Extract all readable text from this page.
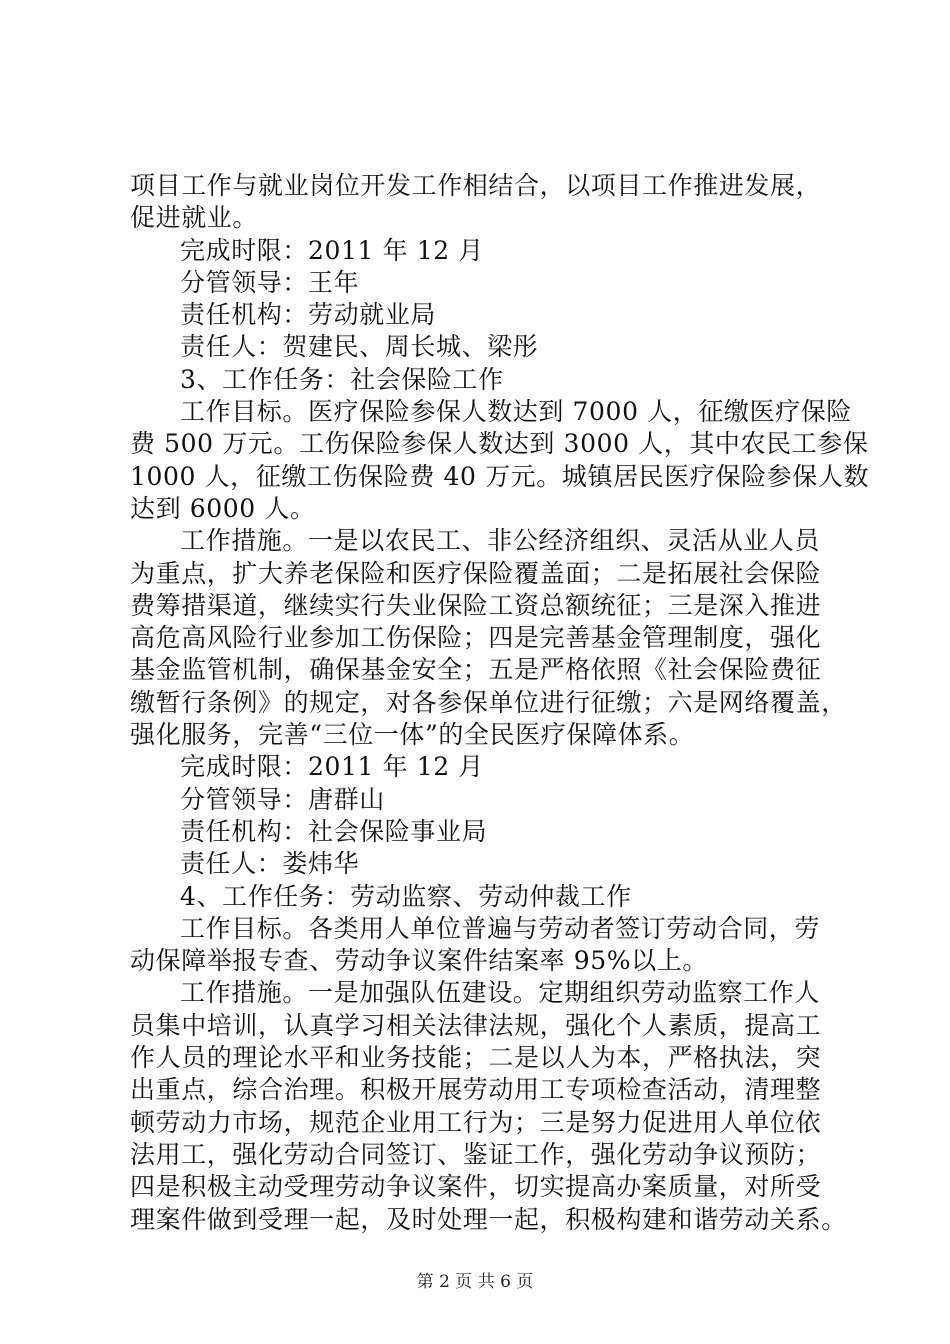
项目工作与就业岗位开发工作相结合，以项目工作推进发展，
促进就业。
完成时限：2011 年 12 月
分管领导：王年
责任机构：劳动就业局
责任人：贺建民、周长城、梁彤
3、工作任务：社会保险工作
工作目标。医疗保险参保人数达到 7000 人，征缴医疗保险
费 500 万元。工伤保险参保人数达到 3000 人，其中农民工参保
1000 人，征缴工伤保险费 40 万元。城镇居民医疗保险参保人数
达到 6000 人。
工作措施。一是以农民工、非公经济组织、灵活从业人员
为重点，扩大养老保险和医疗保险覆盖面；二是拓展社会保险
费筹措渠道，继续实行失业保险工资总额统征；三是深入推进
高危高风险行业参加工伤保险；四是完善基金管理制度，强化
基金监管机制，确保基金安全；五是严格依照《社会保险费征
缴暂行条例》的规定，对各参保单位进行征缴；六是网络覆盖，
强化服务，完善“三位一体”的全民医疗保障体系。
完成时限：2011 年 12 月
分管领导：唐群山
责任机构：社会保险事业局
责任人：娄炜华
4、工作任务：劳动监察、劳动仲裁工作
工作目标。各类用人单位普遍与劳动者签订劳动合同，劳
动保障举报专查、劳动争议案件结案率 95%以上。
工作措施。一是加强队伍建设。定期组织劳动监察工作人
员集中培训，认真学习相关法律法规，强化个人素质，提高工
作人员的理论水平和业务技能；二是以人为本，严格执法，突
出重点，综合治理。积极开展劳动用工专项检查活动，清理整
顿劳动力市场，规范企业用工行为；三是努力促进用人单位依
法用工，强化劳动合同签订、鉴证工作，强化劳动争议预防；
四是积极主动受理劳动争议案件，切实提高办案质量，对所受
理案件做到受理一起，及时处理一起，积极构建和谐劳动关系。
第 2 页 共 6 页
